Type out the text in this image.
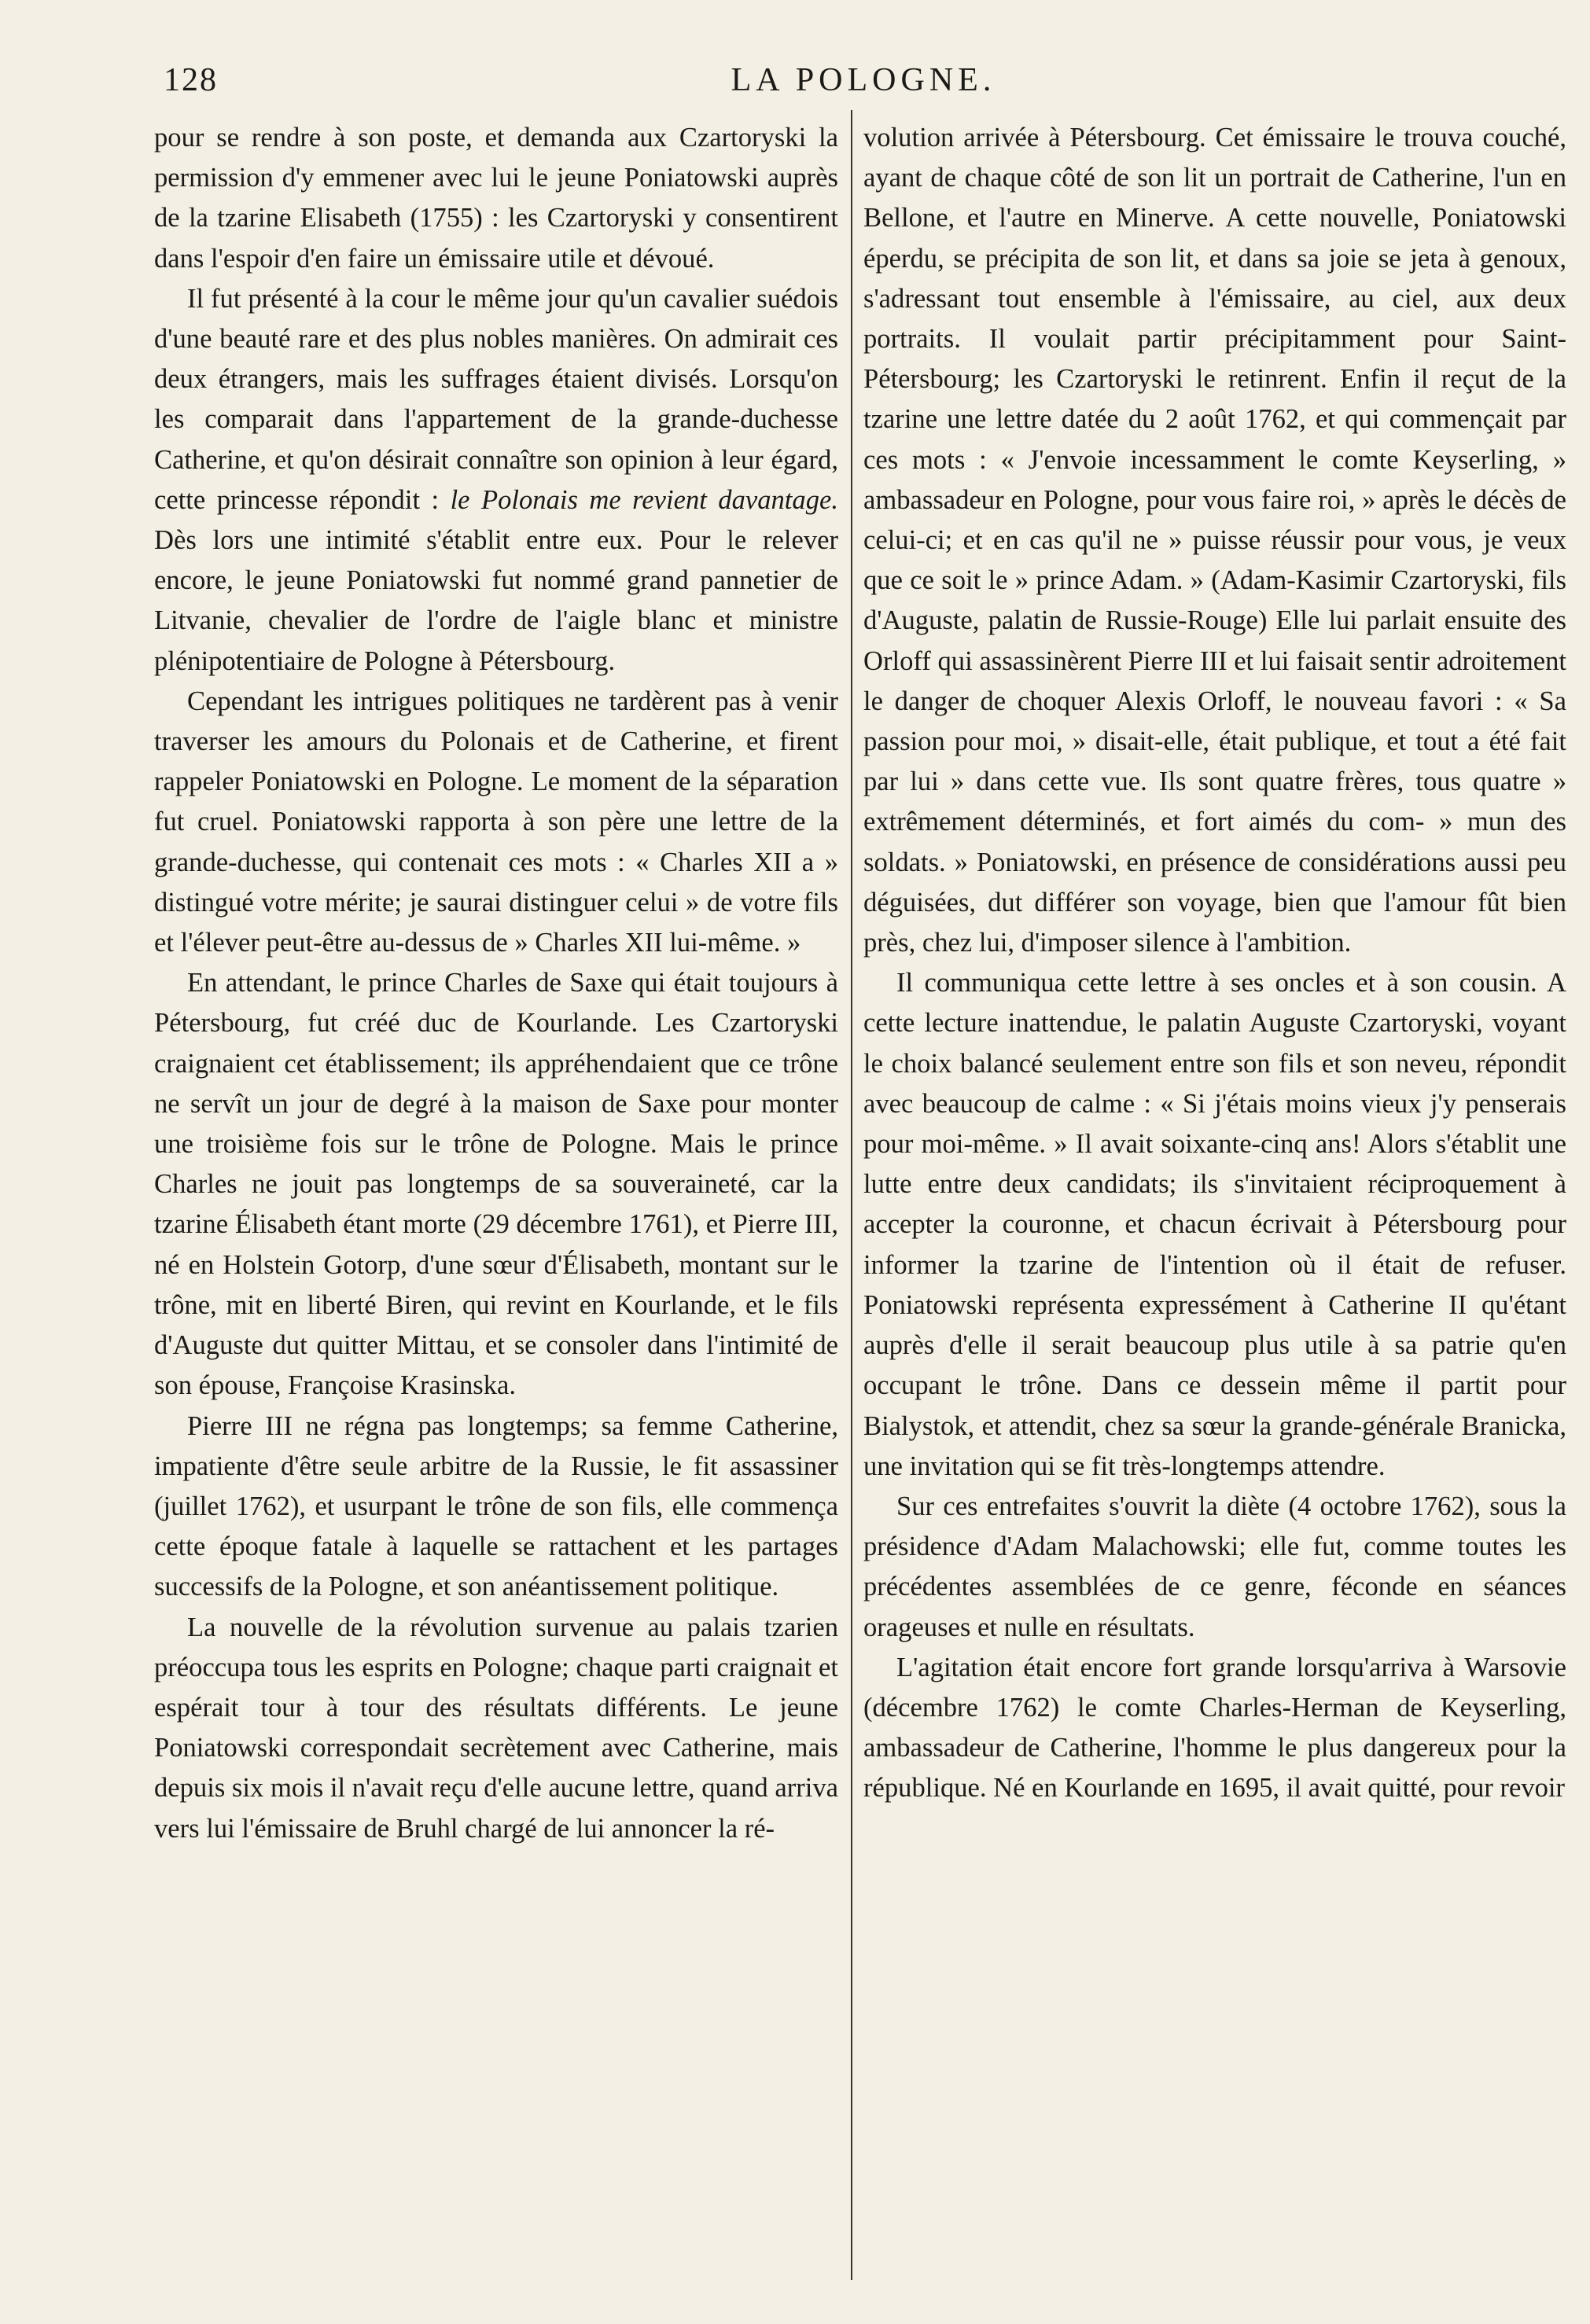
128	LA POLOGNE.

pour se rendre à son poste, et demanda aux Czartoryski la permission d'y emmener avec lui le jeune Poniatowski auprès de la tzarine Elisabeth (1755) : les Czartoryski y consentirent dans l'espoir d'en faire un émissaire utile et dévoué.

Il fut présenté à la cour le même jour qu'un cavalier suédois d'une beauté rare et des plus nobles manières. On admirait ces deux étrangers, mais les suffrages étaient divisés. Lorsqu'on les comparait dans l'appartement de la grande-duchesse Catherine, et qu'on désirait connaître son opinion à leur égard, cette princesse répondit : le Polonais me revient davantage. Dès lors une intimité s'établit entre eux. Pour le relever encore, le jeune Poniatowski fut nommé grand pannetier de Litvanie, chevalier de l'ordre de l'aigle blanc et ministre plénipotentiaire de Pologne à Pétersbourg.

Cependant les intrigues politiques ne tardèrent pas à venir traverser les amours du Polonais et de Catherine, et firent rappeler Poniatowski en Pologne. Le moment de la séparation fut cruel. Poniatowski rapporta à son père une lettre de la grande-duchesse, qui contenait ces mots : « Charles XII a » distingué votre mérite; je saurai distinguer celui » de votre fils et l'élever peut-être au-dessus de » Charles XII lui-même. »

En attendant, le prince Charles de Saxe qui était toujours à Pétersbourg, fut créé duc de Kourlande. Les Czartoryski craignaient cet établissement; ils appréhendaient que ce trône ne servît un jour de degré à la maison de Saxe pour monter une troisième fois sur le trône de Pologne. Mais le prince Charles ne jouit pas longtemps de sa souveraineté, car la tzarine Élisabeth étant morte (29 décembre 1761), et Pierre III, né en Holstein Gotorp, d'une sœur d'Élisabeth, montant sur le trône, mit en liberté Biren, qui revint en Kourlande, et le fils d'Auguste dut quitter Mittau, et se consoler dans l'intimité de son épouse, Françoise Krasinska.

Pierre III ne régna pas longtemps; sa femme Catherine, impatiente d'être seule arbitre de la Russie, le fit assassiner (juillet 1762), et usurpant le trône de son fils, elle commença cette époque fatale à laquelle se rattachent et les partages successifs de la Pologne, et son anéantissement politique.

La nouvelle de la révolution survenue au palais tzarien préoccupa tous les esprits en Pologne; chaque parti craignait et espérait tour à tour des résultats différents. Le jeune Poniatowski correspondait secrètement avec Catherine, mais depuis six mois il n'avait reçu d'elle aucune lettre, quand arriva vers lui l'émissaire de Bruhl chargé de lui annoncer la ré-

volution arrivée à Pétersbourg. Cet émissaire le trouva couché, ayant de chaque côté de son lit un portrait de Catherine, l'un en Bellone, et l'autre en Minerve. A cette nouvelle, Poniatowski éperdu, se précipita de son lit, et dans sa joie se jeta à genoux, s'adressant tout ensemble à l'émissaire, au ciel, aux deux portraits. Il voulait partir précipitamment pour Saint-Pétersbourg; les Czartoryski le retinrent. Enfin il reçut de la tzarine une lettre datée du 2 août 1762, et qui commençait par ces mots : « J'envoie incessamment le comte Keyserling, » ambassadeur en Pologne, pour vous faire roi, » après le décès de celui-ci; et en cas qu'il ne » puisse réussir pour vous, je veux que ce soit le » prince Adam. » (Adam-Kasimir Czartoryski, fils d'Auguste, palatin de Russie-Rouge) Elle lui parlait ensuite des Orloff qui assassinèrent Pierre III et lui faisait sentir adroitement le danger de choquer Alexis Orloff, le nouveau favori : « Sa passion pour moi, » disait-elle, était publique, et tout a été fait par lui » dans cette vue. Ils sont quatre frères, tous quatre » extrêmement déterminés, et fort aimés du com- » mun des soldats. » Poniatowski, en présence de considérations aussi peu déguisées, dut différer son voyage, bien que l'amour fût bien près, chez lui, d'imposer silence à l'ambition.

Il communiqua cette lettre à ses oncles et à son cousin. A cette lecture inattendue, le palatin Auguste Czartoryski, voyant le choix balancé seulement entre son fils et son neveu, répondit avec beaucoup de calme : « Si j'étais moins vieux j'y penserais pour moi-même. » Il avait soixante-cinq ans! Alors s'établit une lutte entre deux candidats; ils s'invitaient réciproquement à accepter la couronne, et chacun écrivait à Pétersbourg pour informer la tzarine de l'intention où il était de refuser. Poniatowski représenta expressément à Catherine II qu'étant auprès d'elle il serait beaucoup plus utile à sa patrie qu'en occupant le trône. Dans ce dessein même il partit pour Bialystok, et attendit, chez sa sœur la grande-générale Branicka, une invitation qui se fit très-longtemps attendre.

Sur ces entrefaites s'ouvrit la diète (4 octobre 1762), sous la présidence d'Adam Malachowski; elle fut, comme toutes les précédentes assemblées de ce genre, féconde en séances orageuses et nulle en résultats.

L'agitation était encore fort grande lorsqu'arriva à Warsovie (décembre 1762) le comte Charles-Herman de Keyserling, ambassadeur de Catherine, l'homme le plus dangereux pour la république. Né en Kourlande en 1695, il avait quitté, pour revoir
